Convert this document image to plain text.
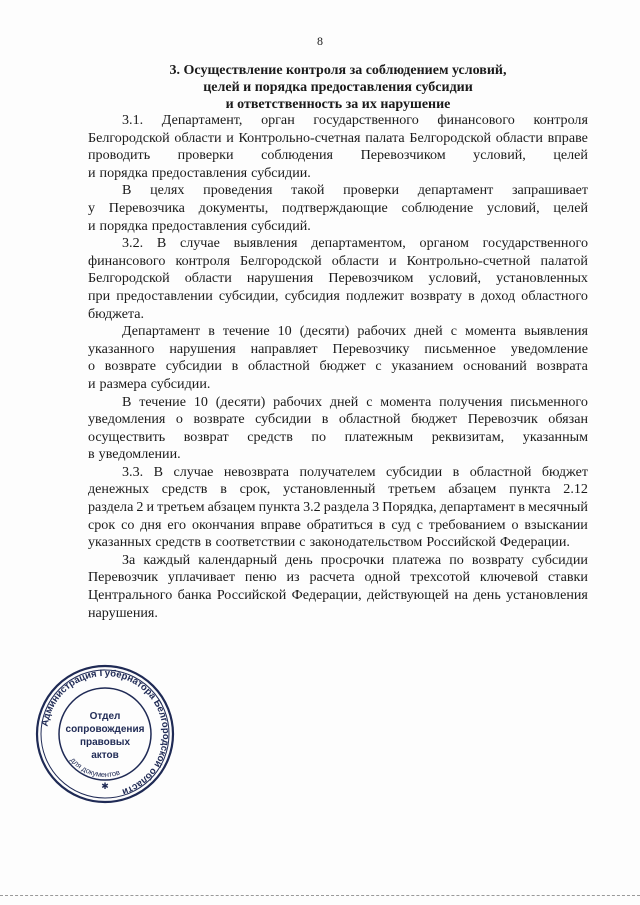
8
3. Осуществление контроля за соблюдением условий,
целей и порядка предоставления субсидии
и ответственность за их нарушение
3.1. Департамент, орган государственного финансового контроля
Белгородской области и Контрольно-счетная палата Белгородской области вправе
проводить проверки соблюдения Перевозчиком условий, целей
и порядка предоставления субсидии.
В целях проведения такой проверки департамент запрашивает
у Перевозчика документы, подтверждающие соблюдение условий, целей
и порядка предоставления субсидий.
3.2. В случае выявления департаментом, органом государственного
финансового контроля Белгородской области и Контрольно-счетной палатой
Белгородской области нарушения Перевозчиком условий, установленных
при предоставлении субсидии, субсидия подлежит возврату в доход областного
бюджета.
Департамент в течение 10 (десяти) рабочих дней с момента выявления
указанного нарушения направляет Перевозчику письменное уведомление
о возврате субсидии в областной бюджет с указанием оснований возврата
и размера субсидии.
В течение 10 (десяти) рабочих дней с момента получения письменного
уведомления о возврате субсидии в областной бюджет Перевозчик обязан
осуществить возврат средств по платежным реквизитам, указанным
в уведомлении.
3.3. В случае невозврата получателем субсидии в областной бюджет
денежных средств в срок, установленный третьем абзацем пункта 2.12
раздела 2 и третьем абзацем пункта 3.2 раздела 3 Порядка, департамент в месячный
срок со дня его окончания вправе обратиться в суд с требованием о взыскании
указанных средств в соответствии с законодательством Российской Федерации.
За каждый календарный день просрочки платежа по возврату субсидии
Перевозчик уплачивает пеню из расчета одной трехсотой ключевой ставки
Центрального банка Российской Федерации, действующей на день установления
нарушения.
Администрация Губернатора Белгородской области
для документов
Отдел
сопровождения
правовых
актов
✱
